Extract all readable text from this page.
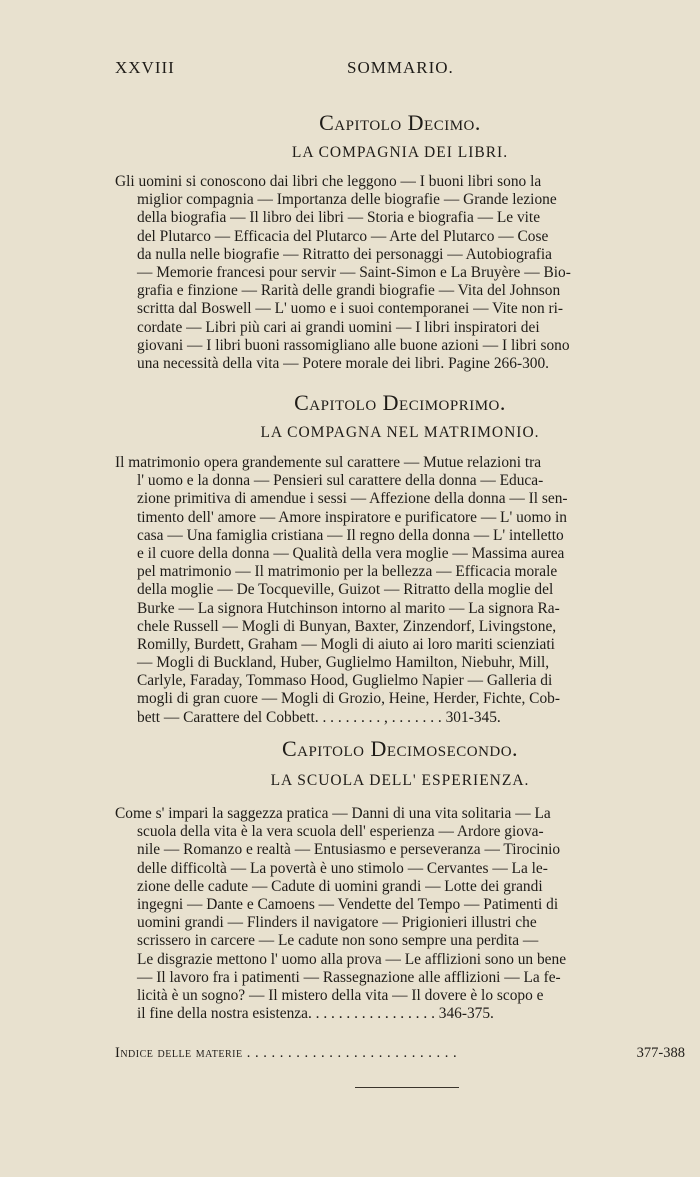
XXVIII	SOMMARIO.
Capitolo Decimo.
LA COMPAGNIA DEI LIBRI.
Gli uomini si conoscono dai libri che leggono — I buoni libri sono la
miglior compagnia — Importanza delle biografie — Grande lezione
della biografia — Il libro dei libri — Storia e biografia — Le vite
del Plutarco — Efficacia del Plutarco — Arte del Plutarco — Cose
da nulla nelle biografie — Ritratto dei personaggi — Autobiografia
— Memorie francesi pour servir — Saint-Simon e La Bruyère — Bio-
grafia e finzione — Rarità delle grandi biografie — Vita del Johnson
scritta dal Boswell — L' uomo e i suoi contemporanei — Vite non ri-
cordate — Libri più cari ai grandi uomini — I libri inspiratori dei
giovani — I libri buoni rassomigliano alle buone azioni — I libri sono
una necessità della vita — Potere morale dei libri. Pagine 266-300.
Capitolo Decimoprimo.
LA COMPAGNA NEL MATRIMONIO.
Il matrimonio opera grandemente sul carattere — Mutue relazioni tra
l' uomo e la donna — Pensieri sul carattere della donna — Educa-
zione primitiva di amendue i sessi — Affezione della donna — Il sen-
timento dell' amore — Amore inspiratore e purificatore — L' uomo in
casa — Una famiglia cristiana — Il regno della donna — L' intelletto
e il cuore della donna — Qualità della vera moglie — Massima aurea
pel matrimonio — Il matrimonio per la bellezza — Efficacia morale
della moglie — De Tocqueville, Guizot — Ritratto della moglie del
Burke — La signora Hutchinson intorno al marito — La signora Ra-
chele Russell — Mogli di Bunyan, Baxter, Zinzendorf, Livingstone,
Romilly, Burdett, Graham — Mogli di aiuto ai loro mariti scienziati
— Mogli di Buckland, Huber, Guglielmo Hamilton, Niebuhr, Mill,
Carlyle, Faraday, Tommaso Hood, Guglielmo Napier — Galleria di
mogli di gran cuore — Mogli di Grozio, Heine, Herder, Fichte, Cob-
bett — Carattere del Cobbett. . . . . . . . . , . . . . . . . 301-345.
Capitolo Decimosecondo.
LA SCUOLA DELL' ESPERIENZA.
Come s' impari la saggezza pratica — Danni di una vita solitaria — La
scuola della vita è la vera scuola dell' esperienza — Ardore giova-
nile — Romanzo e realtà — Entusiasmo e perseveranza — Tirocinio
delle difficoltà — La povertà è uno stimolo — Cervantes — La le-
zione delle cadute — Cadute di uomini grandi — Lotte dei grandi
ingegni — Dante e Camoens — Vendette del Tempo — Patimenti di
uomini grandi — Flinders il navigatore — Prigionieri illustri che
scrissero in carcere — Le cadute non sono sempre una perdita —
Le disgrazie mettono l' uomo alla prova — Le afflizioni sono un bene
— Il lavoro fra i patimenti — Rassegnazione alle afflizioni — La fe-
licità è un sogno? — Il mistero della vita — Il dovere è lo scopo e
il fine della nostra esistenza. . . . . . . . . . . . . . . . . 346-375.
Indice delle materie . . . . . . . . . . . . . . . . . . . . . . . . . .	377-388
